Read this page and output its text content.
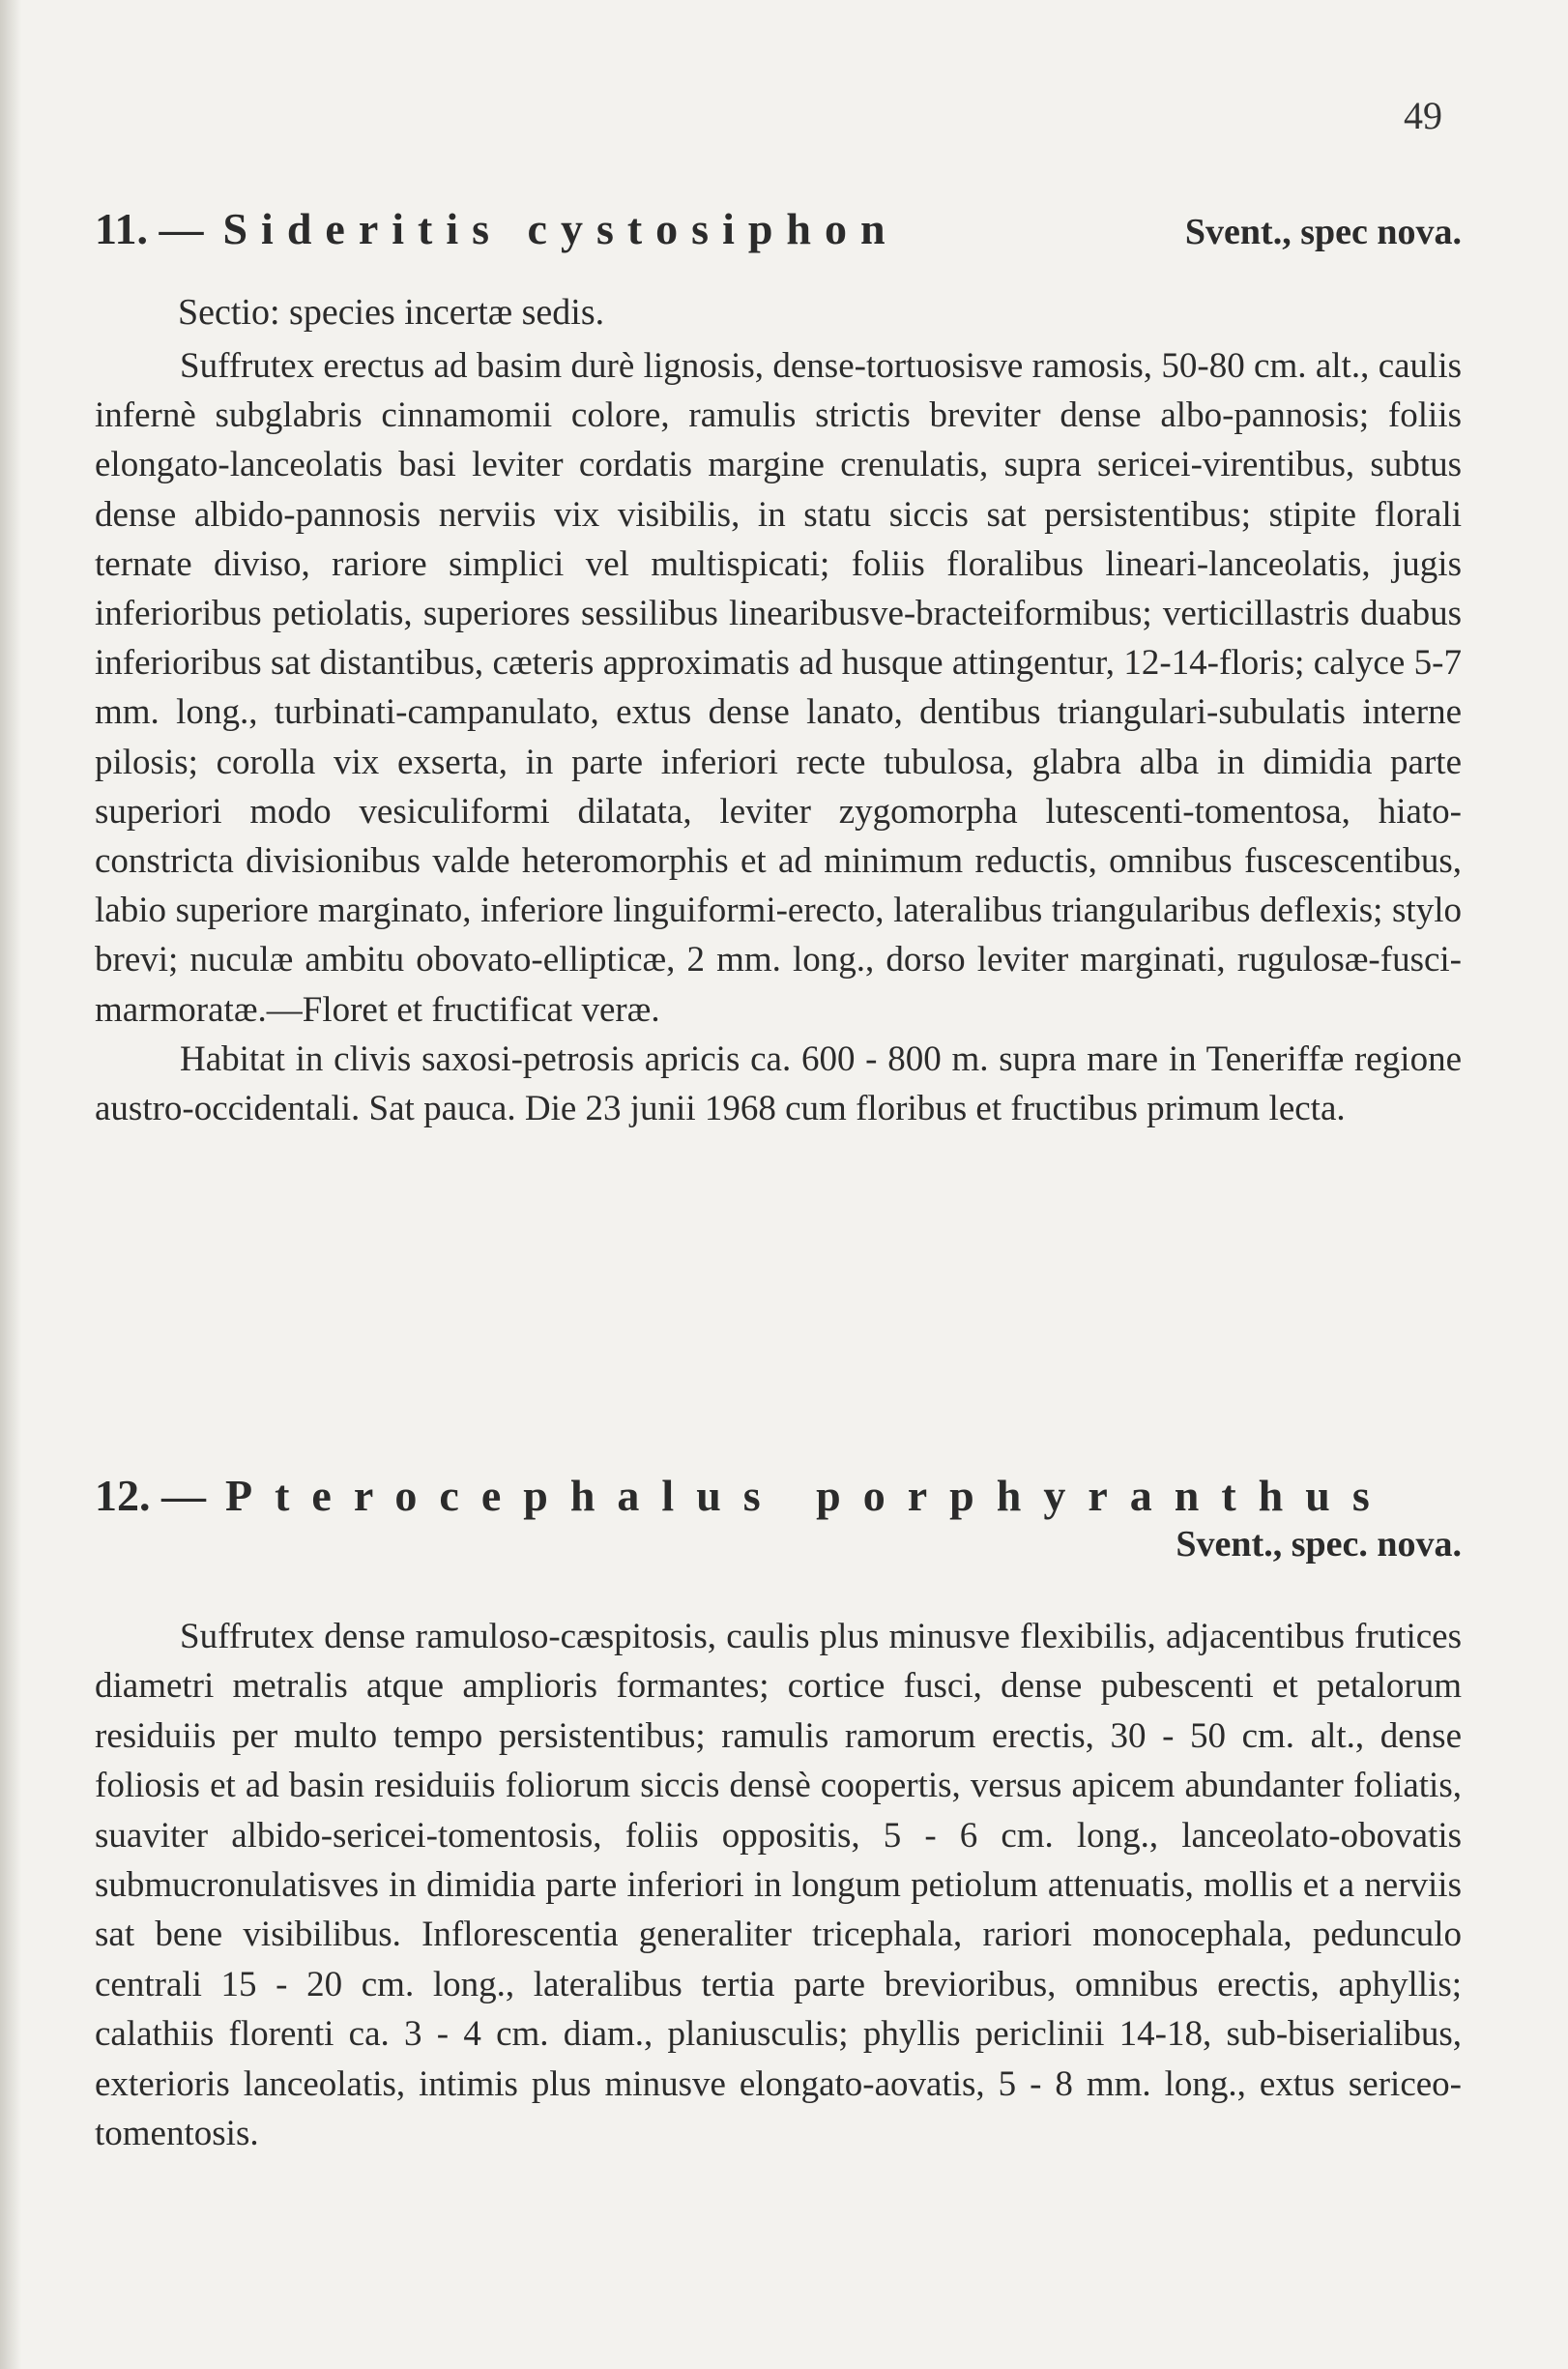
49
11. — Sideritis cystosiphon	Svent., spec nova.
Sectio: species incertæ sedis.

Suffrutex erectus ad basim durè lignosis, dense-tortuosisve ramosis, 50-80 cm. alt., caulis infernè subglabris cinnamomii colore, ramulis strictis breviter dense albo-pannosis; foliis elongato-lanceolatis basi leviter cordatis margine crenulatis, supra sericei-virentibus, subtus dense albido-pannosis nerviis vix visibilis, in statu siccis sat persistentibus; stipite florali ternate diviso, rariore simplici vel multispicati; foliis floralibus lineari-lanceolatis, jugis inferioribus petiolatis, superiores sessilibus linearibusve-bracteiformibus; verticillastris duabus inferioribus sat distantibus, cæteris approximatis ad husque attingentur, 12-14-floris; calyce 5-7 mm. long., turbinati-campanulato, extus dense lanato, dentibus triangulari-subulatis interne pilosis; corolla vix exserta, in parte inferiori recte tubulosa, glabra alba in dimidia parte superiori modo vesiculiformi dilatata, leviter zygomorpha lutescenti-tomentosa, hiato-constricta divisionibus valde heteromorphis et ad minimum reductis, omnibus fuscescentibus, labio superiore marginato, inferiore linguiformi-erecto, lateralibus triangularibus deflexis; stylo brevi; nuculæ ambitu obovato-ellipticæ, 2 mm. long., dorso leviter marginati, rugulosæ-fusci-marmoratæ.—Floret et fructificat veræ.

Habitat in clivis saxosi-petrosis apricis ca. 600 - 800 m. supra mare in Teneriffæ regione austro-occidentali. Sat pauca. Die 23 junii 1968 cum floribus et fructibus primum lecta.

12. — Pterocephalus porphyranthus
Svent., spec. nova.

Suffrutex dense ramuloso-cæspitosis, caulis plus minusve flexibilis, adjacentibus frutices diametri metralis atque amplioris formantes; cortice fusci, dense pubescenti et petalorum residuiis per multo tempo persistentibus; ramulis ramorum erectis, 30 - 50 cm. alt., dense foliosis et ad basin residuiis foliorum siccis densè coopertis, versus apicem abundanter foliatis, suaviter albido-sericei-tomentosis, foliis oppositis, 5 - 6 cm. long., lanceolato-obovatis submucronulatisves in dimidia parte inferiori in longum petiolum attenuatis, mollis et a nerviis sat bene visibilibus. Inflorescentia generaliter tricephala, rariori monocephala, pedunculo centrali 15 - 20 cm. long., lateralibus tertia parte brevioribus, omnibus erectis, aphyllis; calathiis florenti ca. 3 - 4 cm. diam., planiusculis; phyllis periclinii 14-18, sub-biserialibus, exterioris lanceolatis, intimis plus minusve elongato-aovatis, 5 - 8 mm. long., extus sericeo-tomentosis.
